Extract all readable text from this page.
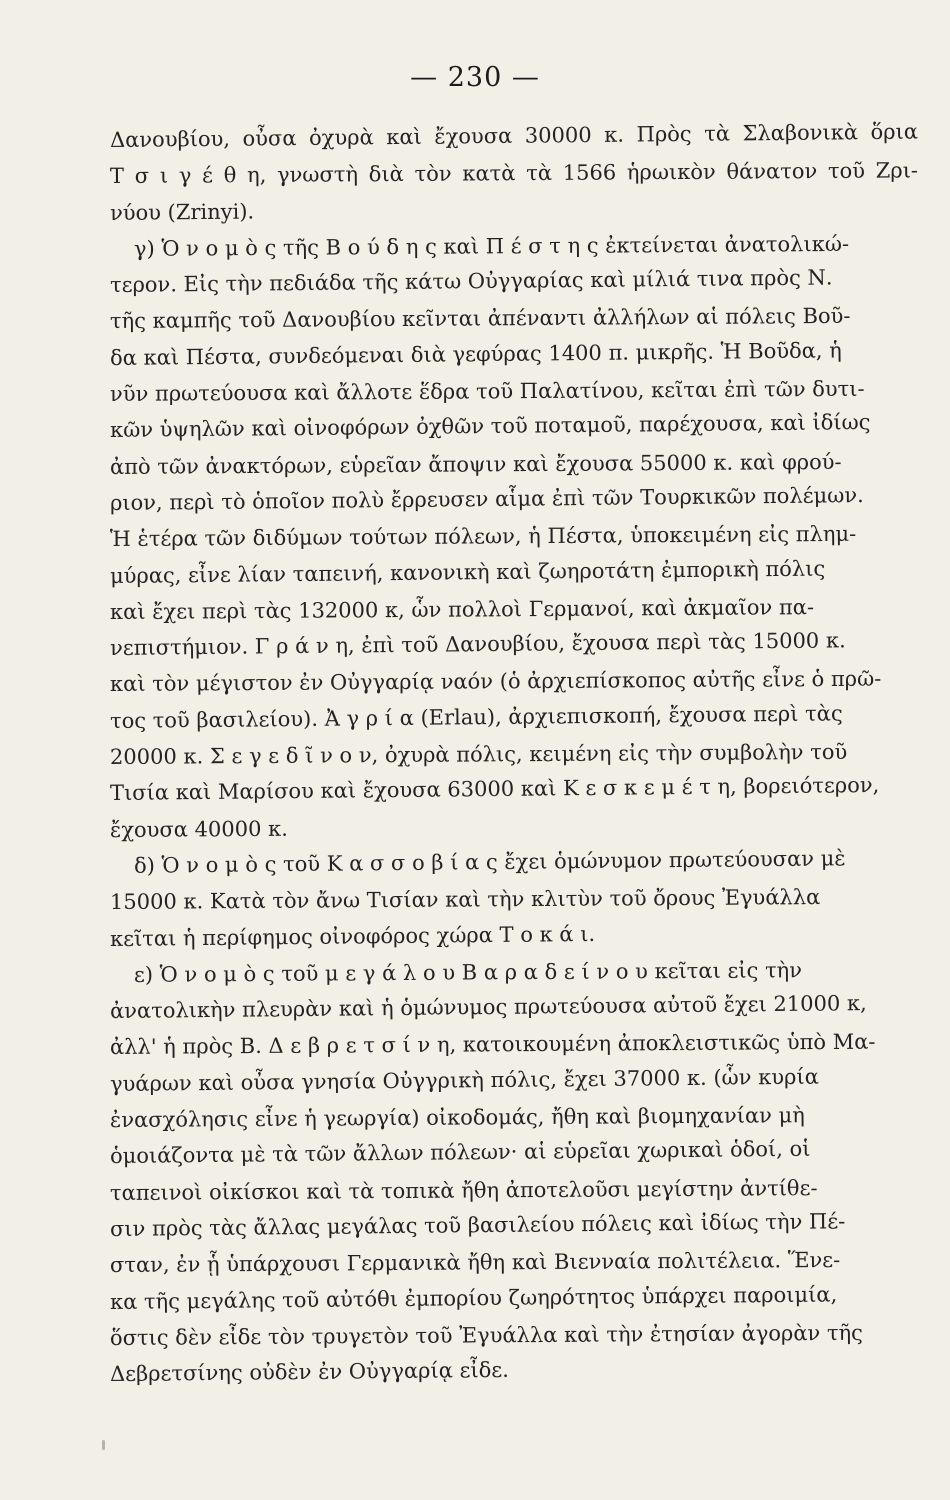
— 230 —
Δανουβίου, οὖσα ὀχυρὰ καὶ ἔχουσα 30000 κ. Πρὸς τὰ Σλαβονικὰ ὅρια
Τ σ ι γ έ θ η, γνωστὴ διὰ τὸν κατὰ τὰ 1566 ἡρωικὸν θάνατον τοῦ Ζρι-
νύου (Zrinyi).
γ) Ὁ ν ο μ ὸ ς τῆς Β ο ύ δ η ς καὶ Π έ σ τ η ς ἐκτείνεται ἀνατολικώ-
τερον. Εἰς τὴν πεδιάδα τῆς κάτω Οὐγγαρίας καὶ μίλιά τινα πρὸς Ν.
τῆς καμπῆς τοῦ Δανουβίου κεῖνται ἀπέναντι ἀλλήλων αἱ πόλεις Βοῦ-
δα καὶ Πέστα, συνδεόμεναι διὰ γεφύρας 1400 π. μικρῆς. Ἡ Βοῦδα, ἡ
νῦν πρωτεύουσα καὶ ἄλλοτε ἕδρα τοῦ Παλατίνου, κεῖται ἐπὶ τῶν δυτι-
κῶν ὑψηλῶν καὶ οἰνοφόρων ὀχθῶν τοῦ ποταμοῦ, παρέχουσα, καὶ ἰδίως
ἀπὸ τῶν ἀνακτόρων, εὑρεῖαν ἄποψιν καὶ ἔχουσα 55000 κ. καὶ φρού-
ριον, περὶ τὸ ὁποῖον πολὺ ἔρρευσεν αἷμα ἐπὶ τῶν Τουρκικῶν πολέμων.
Ἡ ἑτέρα τῶν διδύμων τούτων πόλεων, ἡ Πέστα, ὑποκειμένη εἰς πλημ-
μύρας, εἶνε λίαν ταπεινή, κανονικὴ καὶ ζωηροτάτη ἐμπορικὴ πόλις
καὶ ἔχει περὶ τὰς 132000 κ, ὧν πολλοὶ Γερμανοί, καὶ ἀκμαῖον πα-
νεπιστήμιον. Γ ρ ά ν η, ἐπὶ τοῦ Δανουβίου, ἔχουσα περὶ τὰς 15000 κ.
καὶ τὸν μέγιστον ἐν Οὐγγαρίᾳ ναόν (ὁ ἀρχιεπίσκοπος αὐτῆς εἶνε ὁ πρῶ-
τος τοῦ βασιλείου). Ἀ γ ρ ί α (Erlau), ἀρχιεπισκοπή, ἔχουσα περὶ τὰς
20000 κ. Σ ε γ ε δ ῖ ν ο ν, ὀχυρὰ πόλις, κειμένη εἰς τὴν συμβολὴν τοῦ
Τισία καὶ Μαρίσου καὶ ἔχουσα 63000 καὶ Κ ε σ κ ε μ έ τ η, βορειότερον,
ἔχουσα 40000 κ.
δ) Ὁ ν ο μ ὸ ς τοῦ Κ α σ σ ο β ί α ς ἔχει ὁμώνυμον πρωτεύουσαν μὲ
15000 κ. Κατὰ τὸν ἄνω Τισίαν καὶ τὴν κλιτὺν τοῦ ὄρους Ἐγυάλλα
κεῖται ἡ περίφημος οἰνοφόρος χώρα Τ ο κ ά ι.
ε) Ὁ ν ο μ ὸ ς τοῦ μ ε γ ά λ ο υ Β α ρ α δ ε ί ν ο υ κεῖται εἰς τὴν
ἀνατολικὴν πλευρὰν καὶ ἡ ὁμώνυμος πρωτεύουσα αὐτοῦ ἔχει 21000 κ,
ἀλλ' ἡ πρὸς Β. Δ ε β ρ ε τ σ ί ν η, κατοικουμένη ἀποκλειστικῶς ὑπὸ Μα-
γυάρων καὶ οὖσα γνησία Οὐγγρικὴ πόλις, ἔχει 37000 κ. (ὧν κυρία
ἐνασχόλησις εἶνε ἡ γεωργία) οἰκοδομάς, ἤθη καὶ βιομηχανίαν μὴ
ὁμοιάζοντα μὲ τὰ τῶν ἄλλων πόλεων· αἱ εὑρεῖαι χωρικαὶ ὁδοί, οἱ
ταπεινοὶ οἰκίσκοι καὶ τὰ τοπικὰ ἤθη ἀποτελοῦσι μεγίστην ἀντίθε-
σιν πρὸς τὰς ἄλλας μεγάλας τοῦ βασιλείου πόλεις καὶ ἰδίως τὴν Πέ-
σταν, ἐν ᾗ ὑπάρχουσι Γερμανικὰ ἤθη καὶ Βιενναία πολιτέλεια. Ἕνε-
κα τῆς μεγάλης τοῦ αὐτόθι ἐμπορίου ζωηρότητος ὑπάρχει παροιμία,
ὅστις δὲν εἶδε τὸν τρυγετὸν τοῦ Ἐγυάλλα καὶ τὴν ἐτησίαν ἀγορὰν τῆς
Δεβρετσίνης οὐδὲν ἐν Οὐγγαρίᾳ εἶδε.
